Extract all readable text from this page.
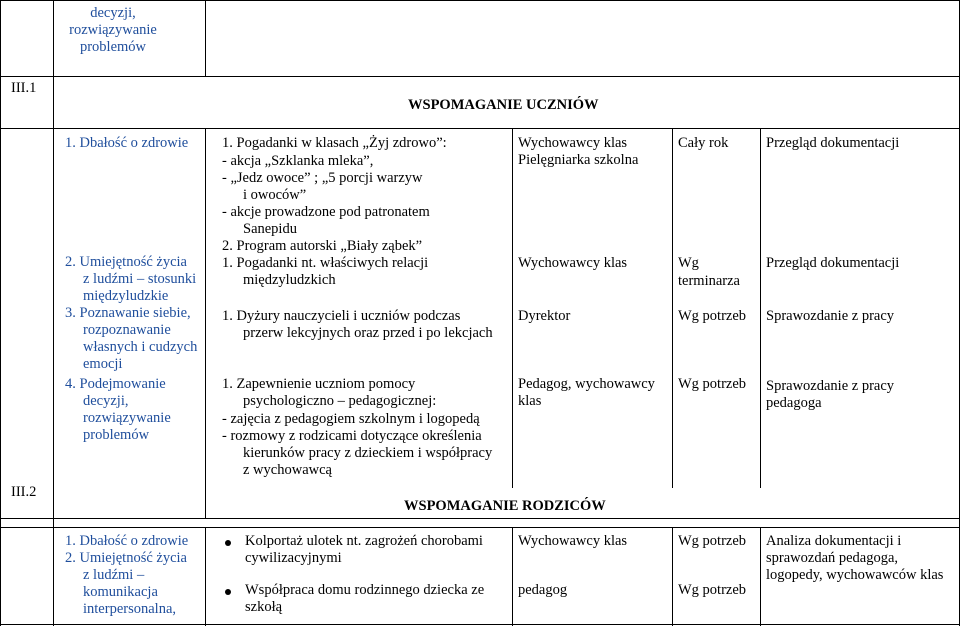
decyzji,
rozwiązywanie
problemów
III.1
III.2
WSPOMAGANIE UCZNIÓW
1. Dbałość o zdrowie
2. Umiejętność życia
z ludźmi – stosunki
międzyludzkie
3. Poznawanie siebie,
rozpoznawanie
własnych i cudzych
emocji
4. Podejmowanie
decyzji,
rozwiązywanie
problemów
1. Pogadanki w klasach „Żyj zdrowo”:
- akcja „Szklanka mleka”,
- „Jedz owoce” ; „5 porcji warzyw
i owoców”
- akcje prowadzone pod patronatem
Sanepidu
2. Program autorski „Biały ząbek”
1. Pogadanki nt. właściwych relacji
międzyludzkich
1. Dyżury nauczycieli i uczniów podczas
przerw lekcyjnych oraz przed i po lekcjach
1. Zapewnienie uczniom pomocy
psychologiczno – pedagogicznej:
- zajęcia z pedagogiem szkolnym i logopedą
- rozmowy z rodzicami dotyczące określenia
kierunków pracy z dzieckiem i współpracy
z wychowawcą
Wychowawcy klas
Pielęgniarka szkolna
Wychowawcy klas
Dyrektor
Pedagog, wychowawcy
klas
Cały rok
Wg
terminarza
Wg potrzeb
Wg potrzeb
Przegląd dokumentacji
Przegląd dokumentacji
Sprawozdanie z pracy
Sprawozdanie z pracy
pedagoga
WSPOMAGANIE RODZICÓW
1. Dbałość o zdrowie
2. Umiejętność życia
z ludźmi –
komunikacja
interpersonalna,
Kolportaż ulotek nt. zagrożeń chorobami
cywilizacyjnymi
Współpraca domu rodzinnego dziecka ze
szkołą
Wychowawcy klas
pedagog
Wg potrzeb
Wg potrzeb
Analiza dokumentacji i
sprawozdań pedagoga,
logopedy, wychowawców klas
